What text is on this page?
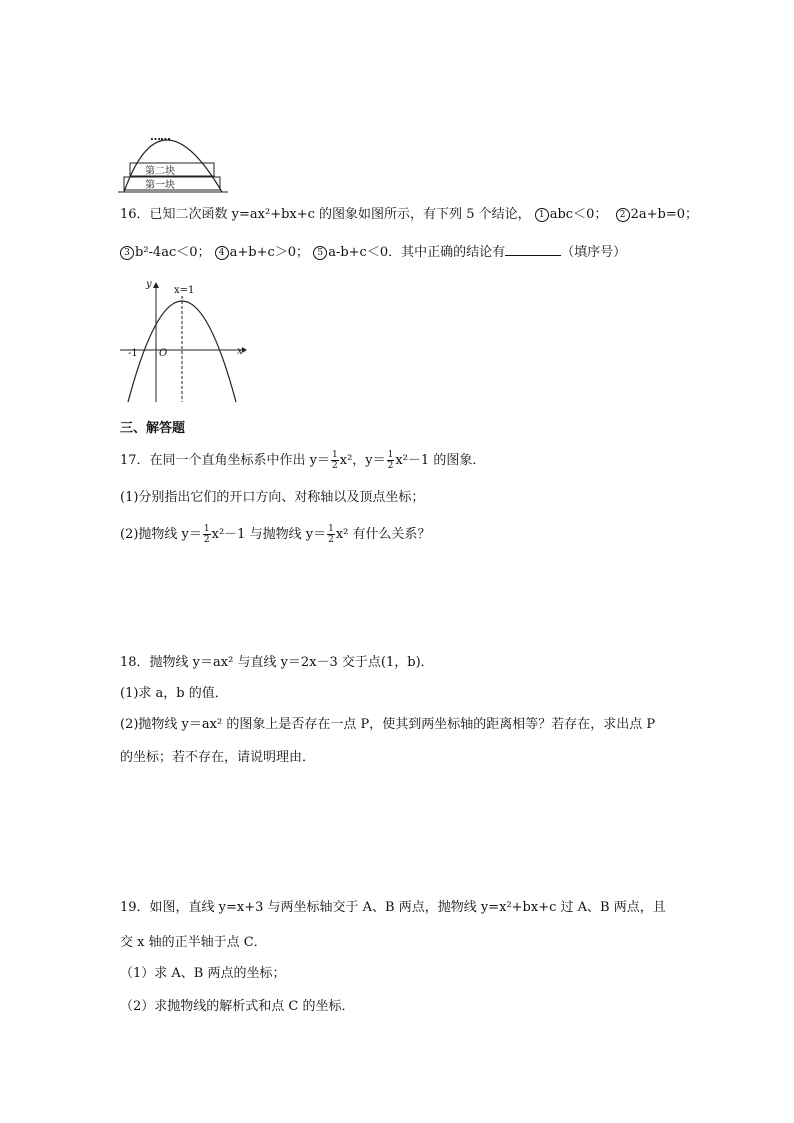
……
第二块
第一块
16．已知二次函数 y=ax²+bx+c 的图象如图所示，有下列 5 个结论， 1 abc＜0； 2 2a+b=0；
3 b²-4ac＜0； 4 a+b+c＞0； 5 a-b+c＜0．其中正确的结论有	（填序号）
y
x
O
-1
x=1
三、解答题
17．在同一个直角坐标系中作出 $y= \frac{1}{2} x^2$，$y= \frac{1}{2} x^2-1$ 的图象．
(1)分别指出它们的开口方向、对称轴以及顶点坐标；
(2)抛物线 $y= \frac{1}{2} x^2-1$ 与抛物线 $y= \frac{1}{2} x^2$ 有什么关系？
18．抛物线 y＝ax² 与直线 y＝2x－3 交于点(1，b)．
(1)求 a，b 的值．
(2)抛物线 y＝ax² 的图象上是否存在一点 P，使其到两坐标轴的距离相等？若存在，求出点 P
的坐标；若不存在，请说明理由．
19．如图，直线 y=x+3 与两坐标轴交于 A、B 两点，抛物线 y=x²+bx+c 过 A、B 两点，且
交 x 轴的正半轴于点 C．
（1）求 A、B 两点的坐标；
（2）求抛物线的解析式和点 C 的坐标．
